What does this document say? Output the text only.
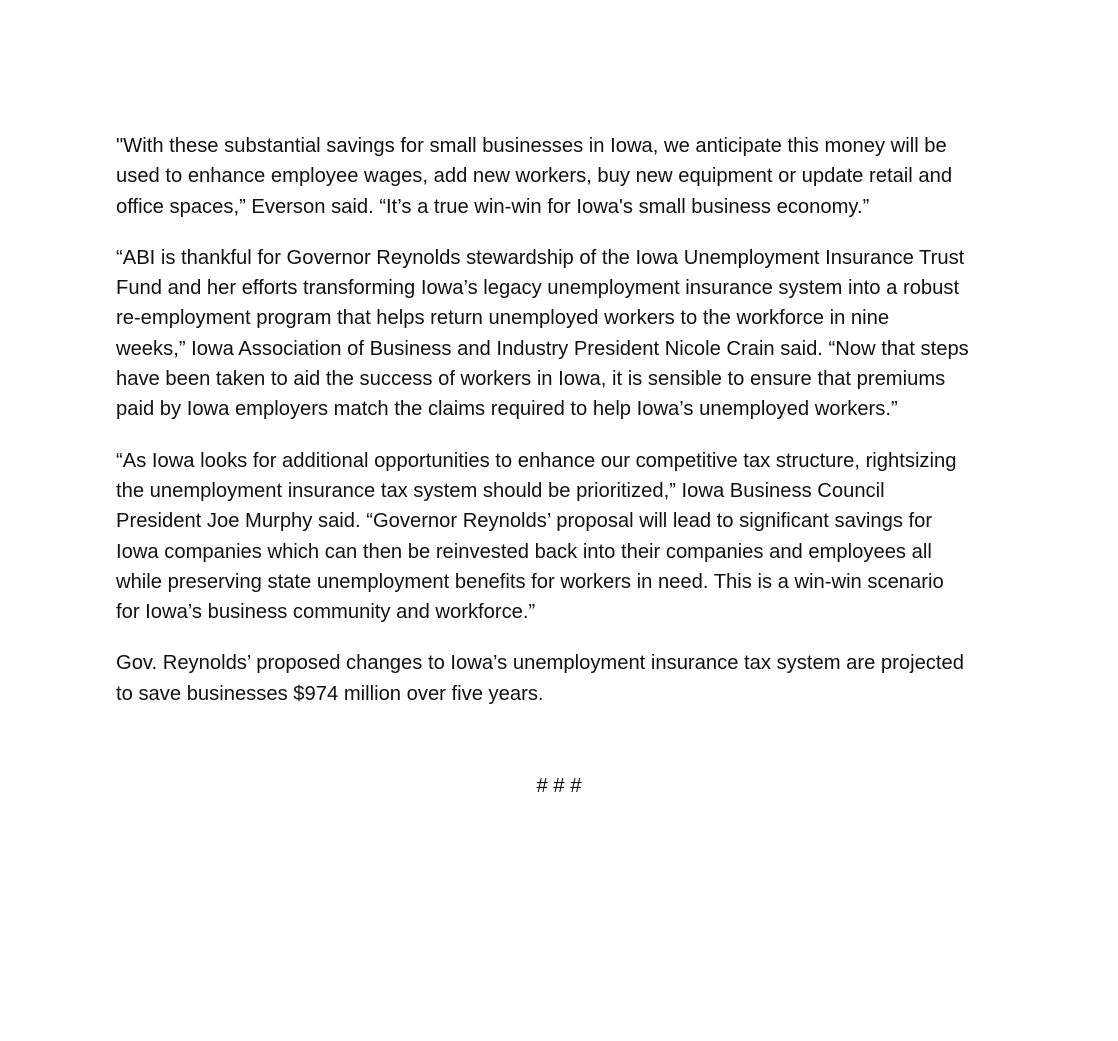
"With these substantial savings for small businesses in Iowa, we anticipate this money will be
used to enhance employee wages, add new workers, buy new equipment or update retail and
office spaces,” Everson said. “It’s a true win-win for Iowa's small business economy.”

“ABI is thankful for Governor Reynolds stewardship of the Iowa Unemployment Insurance Trust
Fund and her efforts transforming Iowa’s legacy unemployment insurance system into a robust
re-employment program that helps return unemployed workers to the workforce in nine
weeks,” Iowa Association of Business and Industry President Nicole Crain said. “Now that steps
have been taken to aid the success of workers in Iowa, it is sensible to ensure that premiums
paid by Iowa employers match the claims required to help Iowa’s unemployed workers.”

“As Iowa looks for additional opportunities to enhance our competitive tax structure, rightsizing
the unemployment insurance tax system should be prioritized,” Iowa Business Council
President Joe Murphy said. “Governor Reynolds’ proposal will lead to significant savings for
Iowa companies which can then be reinvested back into their companies and employees all
while preserving state unemployment benefits for workers in need. This is a win-win scenario
for Iowa’s business community and workforce.”

Gov. Reynolds’ proposed changes to Iowa’s unemployment insurance tax system are projected
to save businesses $974 million over five years.

# # #
